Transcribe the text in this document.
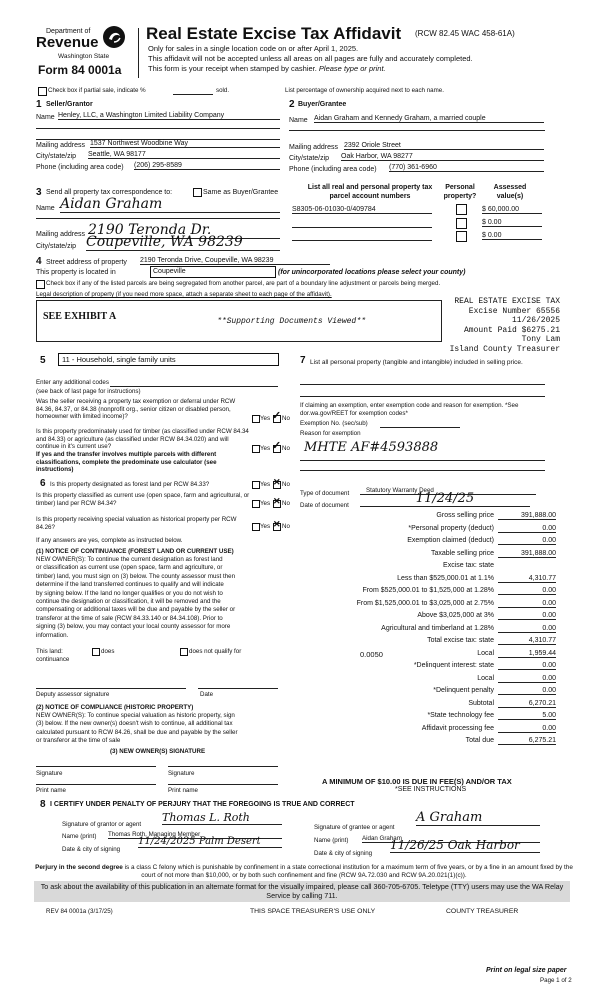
Department of
Revenue
Washington State
Form 84 0001a
Real Estate Excise Tax Affidavit (RCW 82.45 WAC 458-61A)
Only for sales in a single location code on or after April 1, 2025.
This affidavit will not be accepted unless all areas on all pages are fully and accurately completed.
This form is your receipt when stamped by cashier. Please type or print.
Check box if partial sale, indicate %	sold.	List percentage of ownership acquired next to each name.
1 Seller/Grantor
Name Henley, LLC, a Washington Limited Liability Company
Mailing address 1537 Northwest Woodbine Way
City/state/zip Seattle, WA 98177
Phone (including area code) (206) 295-8589
2 Buyer/Grantee
Name Aidan Graham and Kennedy Graham, a married couple
Mailing address 2392 Oriole Street
City/state/zip Oak Harbor, WA 98277
Phone (including area code) (770) 361-6960
3 Send all property tax correspondence to:	Same as Buyer/Grantee
Name Aidan Graham
Mailing address 2190 Teronda Dr.
City/state/zip Coupeville, WA 98239
List all real and personal property tax parcel account numbers
Personal property?
Assessed value(s)
S8305-06-01030-0/409784	$ 60,000.00
$ 0.00
$ 0.00
4 Street address of property 2190 Teronda Drive, Coupeville, WA 98239
This property is located in	Coupeville	(for unincorporated locations please select your county)
Check box if any of the listed parcels are being segregated from another parcel, are part of a boundary line adjustment or parcels being merged.
Legal description of property (if you need more space, attach a separate sheet to each page of the affidavit).
SEE EXHIBIT A	**Supporting Documents Viewed**
REAL ESTATE EXCISE TAX
Excise Number 65556
11/26/2025
Amount Paid $6275.21
Tony Lam
Island County Treasurer
5	11 - Household, single family units
Enter any additional codes
(see back of last page for instructions)
Was the seller receiving a property tax exemption or deferral under RCW 84.36, 84.37, or 84.38 (nonprofit org., senior citizen or disabled person, homeowner with limited income)?	Yes ✓ No
Is this property predominately used for timber (as classified under RCW 84.34 and 84.33) or agriculture (as classified under RCW 84.34.020) and will continue in it's current use?
If yes and the transfer involves multiple parcels with different classifications, complete the predominate use calculator (see instructions)
Yes ✓ No
7 List all personal property (tangible and intangible) included in selling price.
If claiming an exemption, enter exemption code and reason for exemption. *See dor.wa.gov/REET for exemption codes*
Exemption No. (sec/sub)
Reason for exemption
MHTE AF#4593888
6 Is this property designated as forest land per RCW 84.33?	Yes ✕ No
Is this property classified as current use (open space, farm and agricultural, or timber) land per RCW 84.34?	Yes ✕ No
Is this property receiving special valuation as historical property per RCW 84.26?	Yes ✕ No
If any answers are yes, complete as instructed below.
(1) NOTICE OF CONTINUANCE (FOREST LAND OR CURRENT USE)
NEW OWNER(S): To continue the current designation as forest land
or classification as current use (open space, farm and agriculture, or
timber) land, you must sign on (3) below. The county assessor must then
determine if the land transferred continues to qualify and will indicate
by signing below. If the land no longer qualifies or you do not wish to
continue the designation or classification, it will be removed and the
compensating or additional taxes will be due and payable by the seller or
transferor at the time of sale (RCW 84.33.140 or 84.34.108). Prior to
signing (3) below, you may contact your local county assessor for more
information.
This land:	does	does not qualify for
continuance
Deputy assessor signature	Date
(2) NOTICE OF COMPLIANCE (HISTORIC PROPERTY)
NEW OWNER(S): To continue special valuation as historic property, sign
(3) below. If the new owner(s) doesn't wish to continue, all additional tax
calculated pursuant to RCW 84.26, shall be due and payable by the seller
or transferor at the time of sale
(3) NEW OWNER(S) SIGNATURE
Signature	Signature
Print name	Print name
Type of document	Statutory Warranty Deed
Date of document	11/24/25
Gross selling price	391,888.00
*Personal property (deduct)	0.00
Exemption claimed (deduct)	0.00
Taxable selling price	391,888.00
Excise tax: state
Less than $525,000.01 at 1.1%	4,310.77
From $525,000.01 to $1,525,000 at 1.28%	0.00
From $1,525,000.01 to $3,025,000 at 2.75%	0.00
Above $3,025,000 at 3%	0.00
Agricultural and timberland at 1.28%	0.00
Total excise tax: state	4,310.77
0.0050	Local	1,959.44
*Delinquent interest: state	0.00
Local	0.00
*Delinquent penalty	0.00
Subtotal	6,270.21
*State technology fee	5.00
Affidavit processing fee	0.00
Total due	6,275.21
A MINIMUM OF $10.00 IS DUE IN FEE(S) AND/OR TAX
*SEE INSTRUCTIONS
8 I CERTIFY UNDER PENALTY OF PERJURY THAT THE FOREGOING IS TRUE AND CORRECT
Signature of grantor or agent
Thomas L. Roth
Name (print) Thomas Roth, Managing Member
Date & city of signing
11/24/2025 Palm Desert
Signature of grantee or agent
A Graham
Name (print) Aidan Graham
Date & city of signing
11/26/25 Oak Harbor
Perjury in the second degree is a class C felony which is punishable by confinement in a state correctional institution for a maximum term of five years, or by a fine in an amount fixed by the court of not more than $10,000, or by both such confinement and fine (RCW 9A.72.030 and RCW 9A.20.021(1)(c)).
To ask about the availability of this publication in an alternate format for the visually impaired, please call 360-705-6705. Teletype (TTY) users may use the WA Relay Service by calling 711.
REV 84 0001a (3/17/25)	THIS SPACE TREASURER'S USE ONLY	COUNTY TREASURER
Print on legal size paper
Page 1 of 2
